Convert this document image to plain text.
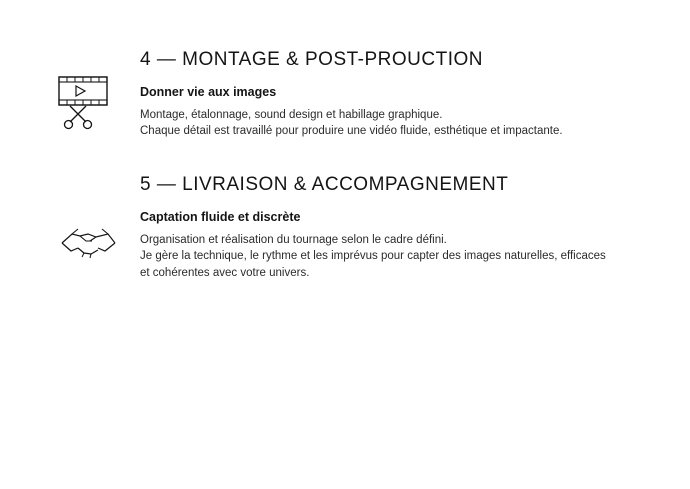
4 — MONTAGE & POST-PROUCTION
Donner vie aux images

Montage, étalonnage, sound design et habillage graphique.
Chaque détail est travaillé pour produire une vidéo fluide, esthétique et impactante.

5 — LIVRAISON & ACCOMPAGNEMENT
Captation fluide et discrète

Organisation et réalisation du tournage selon le cadre défini.
Je gère la technique, le rythme et les imprévus pour capter des images naturelles, efficaces
et cohérentes avec votre univers.
